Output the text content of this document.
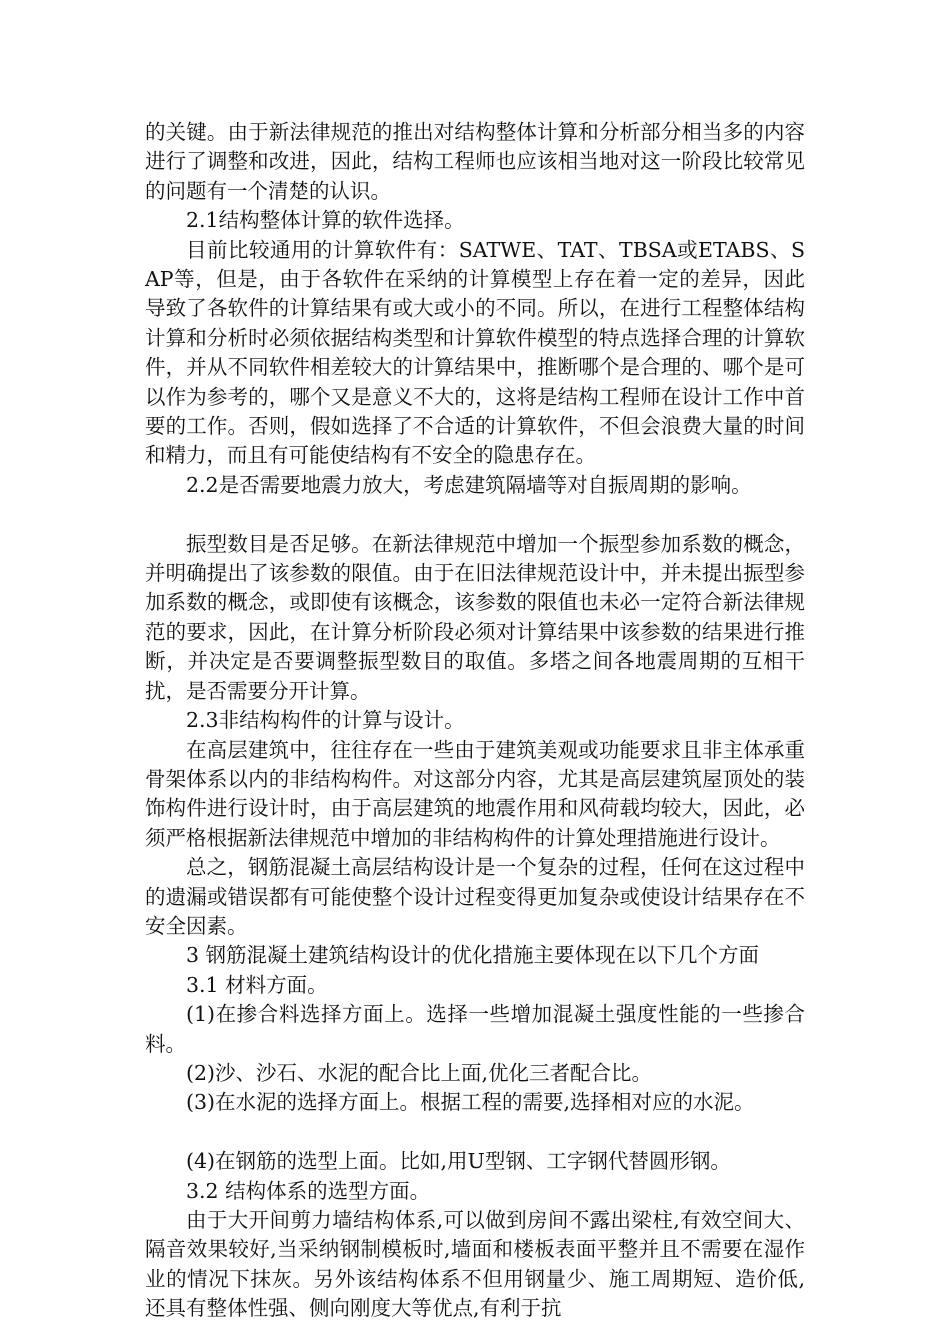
的关键。由于新法律规范的推出对结构整体计算和分析部分相当多的内容进行了调整和改进，因此，结构工程师也应该相当地对这一阶段比较常见的问题有一个清楚的认识。

2.1结构整体计算的软件选择。

目前比较通用的计算软件有：SATWE、TAT、TBSA或ETABS、SAP等，但是，由于各软件在采纳的计算模型上存在着一定的差异，因此导致了各软件的计算结果有或大或小的不同。所以，在进行工程整体结构计算和分析时必须依据结构类型和计算软件模型的特点选择合理的计算软件，并从不同软件相差较大的计算结果中，推断哪个是合理的、哪个是可以作为参考的，哪个又是意义不大的，这将是结构工程师在设计工作中首要的工作。否则，假如选择了不合适的计算软件，不但会浪费大量的时间和精力，而且有可能使结构有不安全的隐患存在。

2.2是否需要地震力放大，考虑建筑隔墙等对自振周期的影响。

振型数目是否足够。在新法律规范中增加一个振型参加系数的概念，并明确提出了该参数的限值。由于在旧法律规范设计中，并未提出振型参加系数的概念，或即使有该概念，该参数的限值也未必一定符合新法律规范的要求，因此，在计算分析阶段必须对计算结果中该参数的结果进行推断，并决定是否要调整振型数目的取值。多塔之间各地震周期的互相干扰，是否需要分开计算。

2.3非结构构件的计算与设计。

在高层建筑中，往往存在一些由于建筑美观或功能要求且非主体承重骨架体系以内的非结构构件。对这部分内容，尤其是高层建筑屋顶处的装饰构件进行设计时，由于高层建筑的地震作用和风荷载均较大，因此，必须严格根据新法律规范中增加的非结构构件的计算处理措施进行设计。

总之，钢筋混凝土高层结构设计是一个复杂的过程，任何在这过程中的遗漏或错误都有可能使整个设计过程变得更加复杂或使设计结果存在不安全因素。

3 钢筋混凝土建筑结构设计的优化措施主要体现在以下几个方面

3.1 材料方面。

(1)在掺合料选择方面上。选择一些增加混凝土强度性能的一些掺合料。

(2)沙、沙石、水泥的配合比上面,优化三者配合比。

(3)在水泥的选择方面上。根据工程的需要,选择相对应的水泥。

(4)在钢筋的选型上面。比如,用U型钢、工字钢代替圆形钢。

3.2 结构体系的选型方面。

由于大开间剪力墙结构体系,可以做到房间不露出梁柱,有效空间大、隔音效果较好,当采纳钢制模板时,墙面和楼板表面平整并且不需要在湿作业的情况下抹灰。另外该结构体系不但用钢量少、施工周期短、造价低,还具有整体性强、侧向刚度大等优点,有利于抗
